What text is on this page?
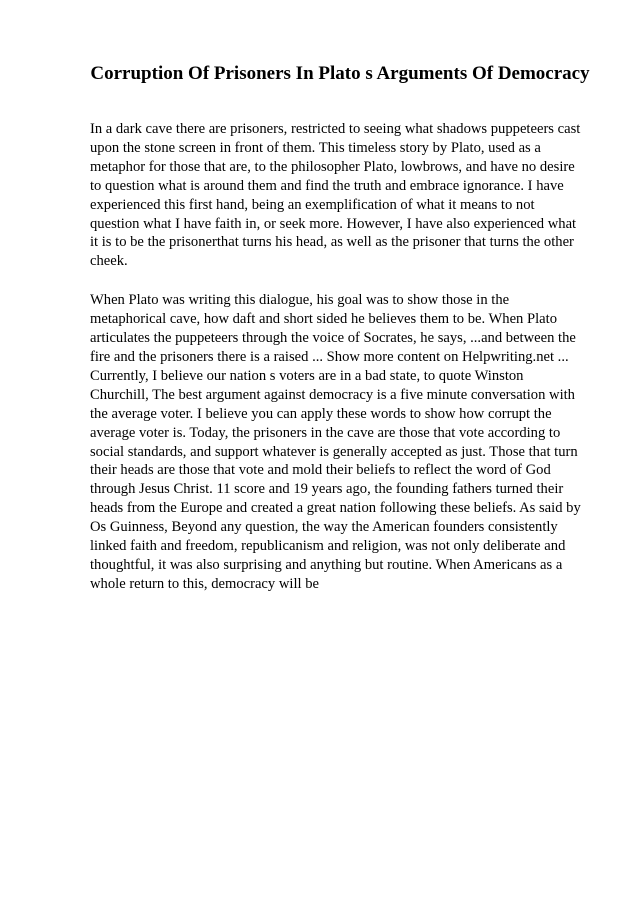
Corruption Of Prisoners In Plato s Arguments Of Democracy

In a dark cave there are prisoners, restricted to seeing what shadows puppeteers cast upon the stone screen in front of them. This timeless story by Plato, used as a metaphor for those that are, to the philosopher Plato, lowbrows, and have no desire to question what is around them and find the truth and embrace ignorance. I have experienced this first hand, being an exemplification of what it means to not question what I have faith in, or seek more. However, I have also experienced what it is to be the prisonerthat turns his head, as well as the prisoner that turns the other cheek.

When Plato was writing this dialogue, his goal was to show those in the metaphorical cave, how daft and short sided he believes them to be. When Plato articulates the puppeteers through the voice of Socrates, he says, ...and between the fire and the prisoners there is a raised ... Show more content on Helpwriting.net ... Currently, I believe our nation s voters are in a bad state, to quote Winston Churchill, The best argument against democracy is a five minute conversation with the average voter. I believe you can apply these words to show how corrupt the average voter is. Today, the prisoners in the cave are those that vote according to social standards, and support whatever is generally accepted as just. Those that turn their heads are those that vote and mold their beliefs to reflect the word of God through Jesus Christ. 11 score and 19 years ago, the founding fathers turned their heads from the Europe and created a great nation following these beliefs. As said by Os Guinness, Beyond any question, the way the American founders consistently linked faith and freedom, republicanism and religion, was not only deliberate and thoughtful, it was also surprising and anything but routine. When Americans as a whole return to this, democracy will be
